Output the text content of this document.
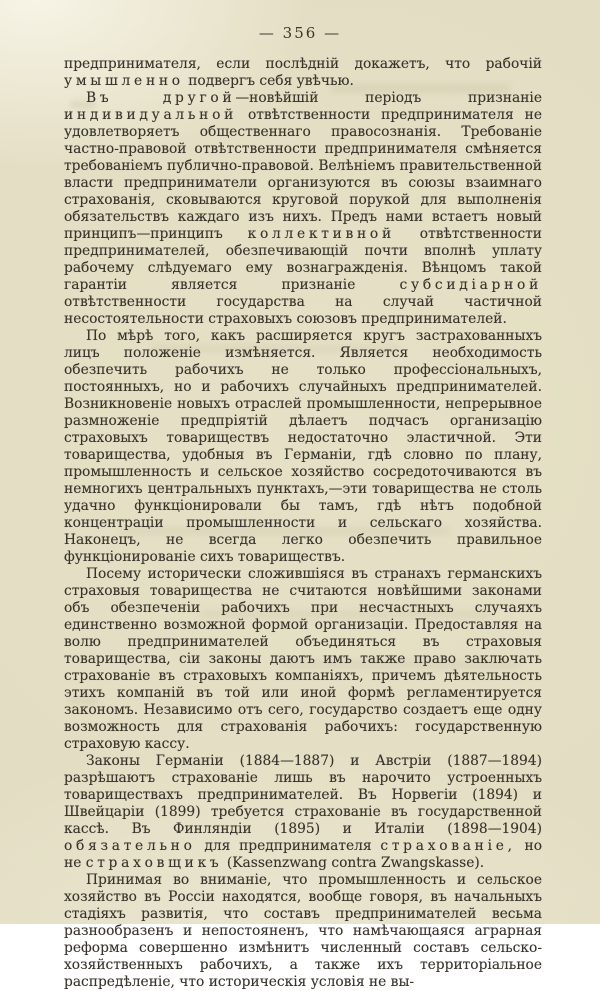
— 356 —

предпринимателя, если послѣдній докажетъ, что рабочій умышленно подвергъ себя увѣчью.

Въ другой—новѣйшій періодъ признаніе индивидуальной отвѣтственности предпринимателя не удовлетворяетъ общественнаго правосознанія. Требованіе частно-правовой отвѣтственности предпринимателя смѣняется требованіемъ публично-правовой. Велѣніемъ правительственной власти предприниматели организуются въ союзы взаимнаго страхованія, сковываются круговой порукой для выполненія обязательствъ каждаго изъ нихъ. Предъ нами встаетъ новый принципъ—принципъ коллективной отвѣтственности предпринимателей, обезпечивающій почти вполнѣ уплату рабочему слѣдуемаго ему вознагражденія. Вѣнцомъ такой гарантіи является признаніе субсидіарной отвѣтственности государства на случай частичной несостоятельности страховыхъ союзовъ предпринимателей.

По мѣрѣ того, какъ расширяется кругъ застрахованныхъ лицъ положеніе измѣняется. Является необходимость обезпечить рабочихъ не только профессіональныхъ, постоянныхъ, но и рабочихъ случайныхъ предпринимателей. Возникновеніе новыхъ отраслей промышленности, непрерывное размноженіе предпріятій дѣлаетъ подчасъ организацію страховыхъ товариществъ недостаточно эластичной. Эти товарищества, удобныя въ Германіи, гдѣ словно по плану, промышленность и сельское хозяйство сосредоточиваются въ немногихъ центральныхъ пунктахъ,—эти товарищества не столь удачно функціонировали бы тамъ, гдѣ нѣтъ подобной концентраціи промышленности и сельскаго хозяйства. Наконецъ, не всегда легко обезпечить правильное функціонированіе сихъ товариществъ.

Посему исторически сложившіяся въ странахъ германскихъ страховыя товарищества не считаются новѣйшими законами объ обезпеченіи рабочихъ при несчастныхъ случаяхъ единственно возможной формой организаціи. Предоставляя на волю предпринимателей объединяться въ страховыя товарищества, сіи законы даютъ имъ также право заключать страхованіе въ страховыхъ компаніяхъ, причемъ дѣятельность этихъ компаній въ той или иной формѣ регламентируется закономъ. Независимо отъ сего, государство создаетъ еще одну возможность для страхованія рабочихъ: государственную страховую кассу.

Законы Германіи (1884—1887) и Австріи (1887—1894) разрѣшаютъ страхованіе лишь въ нарочито устроенныхъ товариществахъ предпринимателей. Въ Норвегіи (1894) и Швейцаріи (1899) требуется страхованіе въ государственной кассѣ. Въ Финляндіи (1895) и Италіи (1898—1904) обязательно для предпринимателя страхованіе, но не страховщикъ (Kassenzwang contra Zwangskasse).

Принимая во вниманіе, что промышленность и сельское хозяйство въ Россіи находятся, вообще говоря, въ начальныхъ стадіяхъ развитія, что составъ предпринимателей весьма разнообразенъ и непостояненъ, что намѣчающаяся аграрная реформа совершенно измѣнитъ численный составъ сельско-хозяйственныхъ рабочихъ, а также ихъ территоріальное распредѣленіе, что историческія условія не вы-
